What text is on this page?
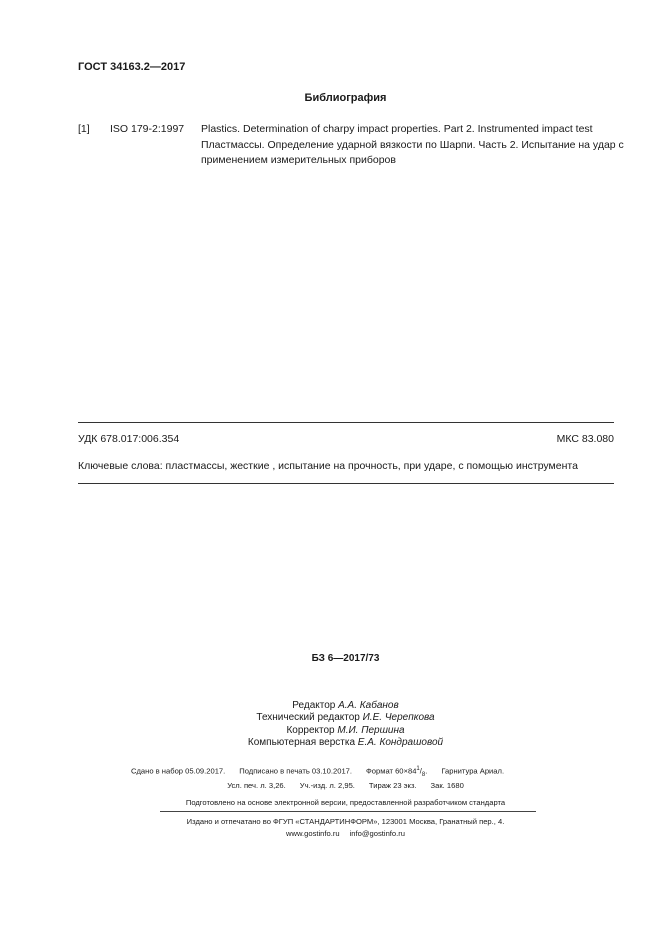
ГОСТ 34163.2—2017
Библиография
[1] ISO 179-2:1997 Plastics. Determination of charpy impact properties. Part 2. Instrumented impact test
Пластмассы. Определение ударной вязкости по Шарпи. Часть 2. Испытание на удар с
применением измерительных приборов
УДК 678.017:006.354	МКС 83.080
Ключевые слова: пластмассы, жесткие , испытание на прочность, при ударе, с помощью инструмента
БЗ 6—2017/73
Редактор А.А. Кабанов
Технический редактор И.Е. Черепкова
Корректор М.И. Першина
Компьютерная верстка Е.А. Кондрашовой
Сдано в набор 05.09.2017. Подписано в печать 03.10.2017. Формат $60\times 84^1/_8$. Гарнитура Ариал.
Усл. печ. л. 3,26. Уч.-изд. л. 2,95. Тираж 23 экз. Зак. 1680
Подготовлено на основе электронной версии, предоставленной разработчиком стандарта
Издано и отпечатано во ФГУП «СТАНДАРТИНФОРМ», 123001 Москва, Гранатный пер., 4.
www.gostinfo.ru info@gostinfo.ru
